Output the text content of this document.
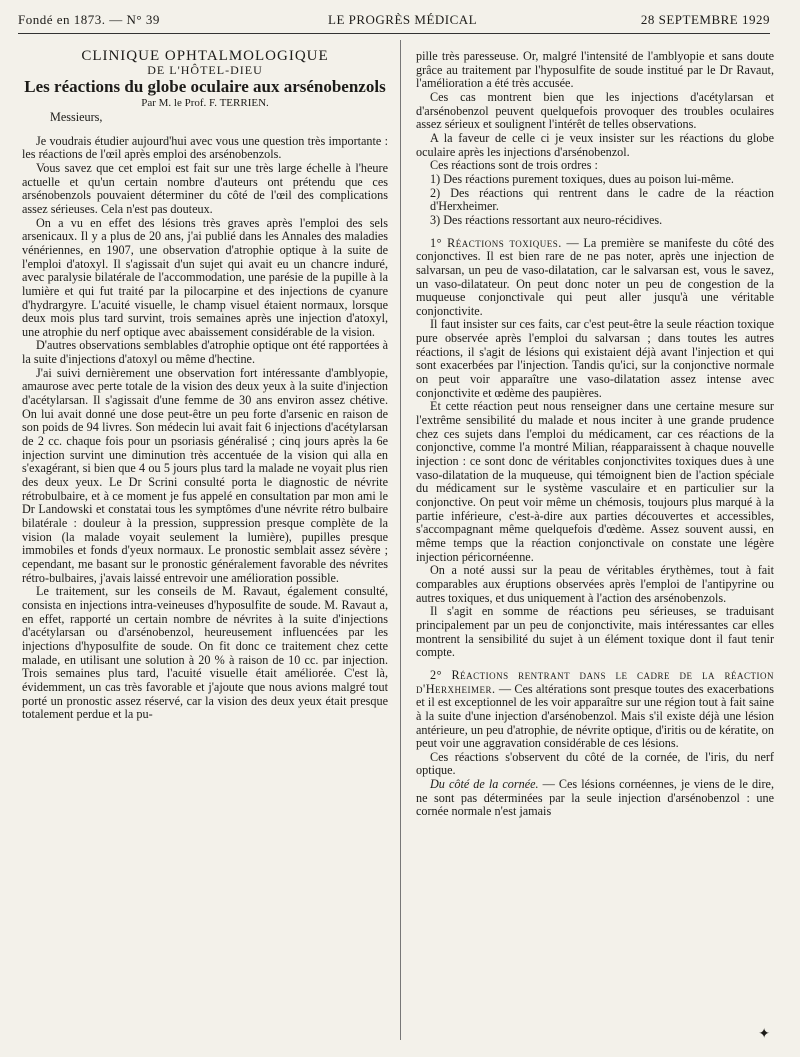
Fondé en 1873. — N° 39	LE PROGRÈS MÉDICAL	28 SEPTEMBRE 1929

CLINIQUE OPHTALMOLOGIQUE

DE L'HÔTEL-DIEU

Les réactions du globe oculaire aux arsénobenzols

Par M. le Prof. F. TERRIEN.

Messieurs,

Je voudrais étudier aujourd'hui avec vous une question très importante : les réactions de l'œil après emploi des arsénobenzols.

Vous savez que cet emploi est fait sur une très large échelle à l'heure actuelle et qu'un certain nombre d'auteurs ont prétendu que ces arsénobenzols pouvaient déterminer du côté de l'œil des complications assez sérieuses. Cela n'est pas douteux.

On a vu en effet des lésions très graves après l'emploi des sels arsenicaux. Il y a plus de 20 ans, j'ai publié dans les Annales des maladies vénériennes, en 1907, une observation d'atrophie optique à la suite de l'emploi d'atoxyl. Il s'agissait d'un sujet qui avait eu un chancre induré, avec paralysie bilatérale de l'accommodation, une parésie de la pupille à la lumière et qui fut traité par la pilocarpine et des injections de cyanure d'hydrargyre. L'acuité visuelle, le champ visuel étaient normaux, lorsque deux mois plus tard survint, trois semaines après une injection d'atoxyl, une atrophie du nerf optique avec abaissement considérable de la vision.

D'autres observations semblables d'atrophie optique ont été rapportées à la suite d'injections d'atoxyl ou même d'hectine.

J'ai suivi dernièrement une observation fort intéressante d'amblyopie, amaurose avec perte totale de la vision des deux yeux à la suite d'injection d'acétylarsan. Il s'agissait d'une femme de 30 ans environ assez chétive. On lui avait donné une dose peut-être un peu forte d'arsenic en raison de son poids de 94 livres. Son médecin lui avait fait 6 injections d'acétylarsan de 2 cc. chaque fois pour un psoriasis généralisé ; cinq jours après la 6e injection survint une diminution très accentuée de la vision qui alla en s'exagérant, si bien que 4 ou 5 jours plus tard la malade ne voyait plus rien des deux yeux. Le Dr Scrini consulté porta le diagnostic de névrite rétrobulbaire, et à ce moment je fus appelé en consultation par mon ami le Dr Landowski et constatai tous les symptômes d'une névrite rétro bulbaire bilatérale : douleur à la pression, suppression presque complète de la vision (la malade voyait seulement la lumière), pupilles presque immobiles et fonds d'yeux normaux. Le pronostic semblait assez sévère ; cependant, me basant sur le pronostic généralement favorable des névrites rétro-bulbaires, j'avais laissé entrevoir une amélioration possible.

Le traitement, sur les conseils de M. Ravaut, également consulté, consista en injections intra-veineuses d'hyposulfite de soude. M. Ravaut a, en effet, rapporté un certain nombre de névrites à la suite d'injections d'acétylarsan ou d'arsénobenzol, heureusement influencées par les injections d'hyposulfite de soude. On fit donc ce traitement chez cette malade, en utilisant une solution à 20 % à raison de 10 cc. par injection. Trois semaines plus tard, l'acuité visuelle était améliorée. C'est là, évidemment, un cas très favorable et j'ajoute que nous avions malgré tout porté un pronostic assez réservé, car la vision des deux yeux était presque totalement perdue et la pu-

pille très paresseuse. Or, malgré l'intensité de l'amblyopie et sans doute grâce au traitement par l'hyposulfite de soude institué par le Dr Ravaut, l'amélioration a été très accusée.

Ces cas montrent bien que les injections d'acétylarsan et d'arsénobenzol peuvent quelquefois provoquer des troubles oculaires assez sérieux et soulignent l'intérêt de telles observations.

A la faveur de celle ci je veux insister sur les réactions du globe oculaire après les injections d'arsénobenzol.

Ces réactions sont de trois ordres :

1) Des réactions purement toxiques, dues au poison lui-même.

2) Des réactions qui rentrent dans le cadre de la réaction d'Herxheimer.

3) Des réactions ressortant aux neuro-récidives.

1° Réactions toxiques. — La première se manifeste du côté des conjonctives. Il est bien rare de ne pas noter, après une injection de salvarsan, un peu de vaso-dilatation, car le salvarsan est, vous le savez, un vaso-dilatateur. On peut donc noter un peu de congestion de la muqueuse conjonctivale qui peut aller jusqu'à une véritable conjonctivite.

Il faut insister sur ces faits, car c'est peut-être la seule réaction toxique pure observée après l'emploi du salvarsan ; dans toutes les autres réactions, il s'agit de lésions qui existaient déjà avant l'injection et qui sont exacerbées par l'injection. Tandis qu'ici, sur la conjonctive normale on peut voir apparaître une vaso-dilatation assez intense avec conjonctivite et œdème des paupières.

Et cette réaction peut nous renseigner dans une certaine mesure sur l'extrême sensibilité du malade et nous inciter à une grande prudence chez ces sujets dans l'emploi du médicament, car ces réactions de la conjonctive, comme l'a montré Milian, réapparaissent à chaque nouvelle injection : ce sont donc de véritables conjonctivites toxiques dues à une vaso-dilatation de la muqueuse, qui témoignent bien de l'action spéciale du médicament sur le système vasculaire et en particulier sur la conjonctive. On peut voir même un chémosis, toujours plus marqué à la partie inférieure, c'est-à-dire aux parties découvertes et accessibles, s'accompagnant même quelquefois d'œdème. Assez souvent aussi, en même temps que la réaction conjonctivale on constate une légère injection péricornéenne.

On a noté aussi sur la peau de véritables érythèmes, tout à fait comparables aux éruptions observées après l'emploi de l'antipyrine ou autres toxiques, et dus uniquement à l'action des arsénobenzols.

Il s'agit en somme de réactions peu sérieuses, se traduisant principalement par un peu de conjonctivite, mais intéressantes car elles montrent la sensibilité du sujet à un élément toxique dont il faut tenir compte.

2° Réactions rentrant dans le cadre de la réaction d'Herxheimer. — Ces altérations sont presque toutes des exacerbations et il est exceptionnel de les voir apparaître sur une région tout à fait saine à la suite d'une injection d'arsénobenzol. Mais s'il existe déjà une lésion antérieure, un peu d'atrophie, de névrite optique, d'iritis ou de kératite, on peut voir une aggravation considérable de ces lésions.

Ces réactions s'observent du côté de la cornée, de l'iris, du nerf optique.

Du côté de la cornée. — Ces lésions cornéennes, je viens de le dire, ne sont pas déterminées par la seule injection d'arsénobenzol : une cornée normale n'est jamais

✦
